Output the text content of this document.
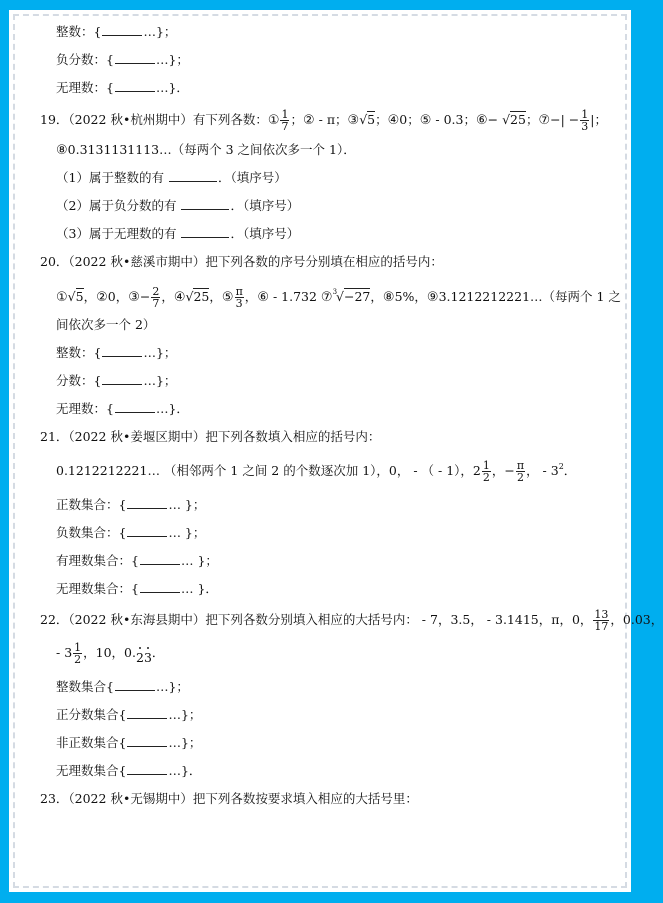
整数：{	…}；
负分数：{	…}；
无理数：{	…}．
19．（2022 秋•杭州期中）有下列各数：① $\frac{1}{7}$ ；② - π；③√5；④0；⑤ - 0.3；⑥− √25；⑦−| − $\frac{1}{3}$ |；
⑧0.3131131113…（每两个 3 之间依次多一个 1）．
（1）属于整数的有	．（填序号）
（2）属于负分数的有	．（填序号）
（3）属于无理数的有	．（填序号）
20．（2022 秋•慈溪市期中）把下列各数的序号分别填在相应的括号内：
①√5，②0，③− $\frac{2}{7}$ ，④√25，⑤ $\frac{\pi}{3}$ ，⑥ - 1.732 ⑦3√−27，⑧5%，⑨3.1212212221…（每两个 1 之
间依次多一个 2）
整数：{	…}；
分数：{	…}；
无理数：{	…}．
21．（2022 秋•姜堰区期中）把下列各数填入相应的括号内：
0.1212212221… （相邻两个 1 之间 2 的个数逐次加 1），0， - （ - 1），$2 \frac{1}{2}$ ，− $\frac{\pi}{2}$ ， - 32．
正数集合：{	… }；
负数集合：{	… }；
有理数集合：{	… }；
无理数集合：{	… }．
22．（2022 秋•东海县期中）把下列各数分别填入相应的大括号内： - 7，3.5， - 3.1415，π，0， $\frac{13}{17}$ ，0.03，
- $3 \frac{1}{2}$ ，10，0. 2 3 ．
整数集合{	…}；
正分数集合{	…}；
非正数集合{	…}；
无理数集合{	…}．
23．（2022 秋•无锡期中）把下列各数按要求填入相应的大括号里：
